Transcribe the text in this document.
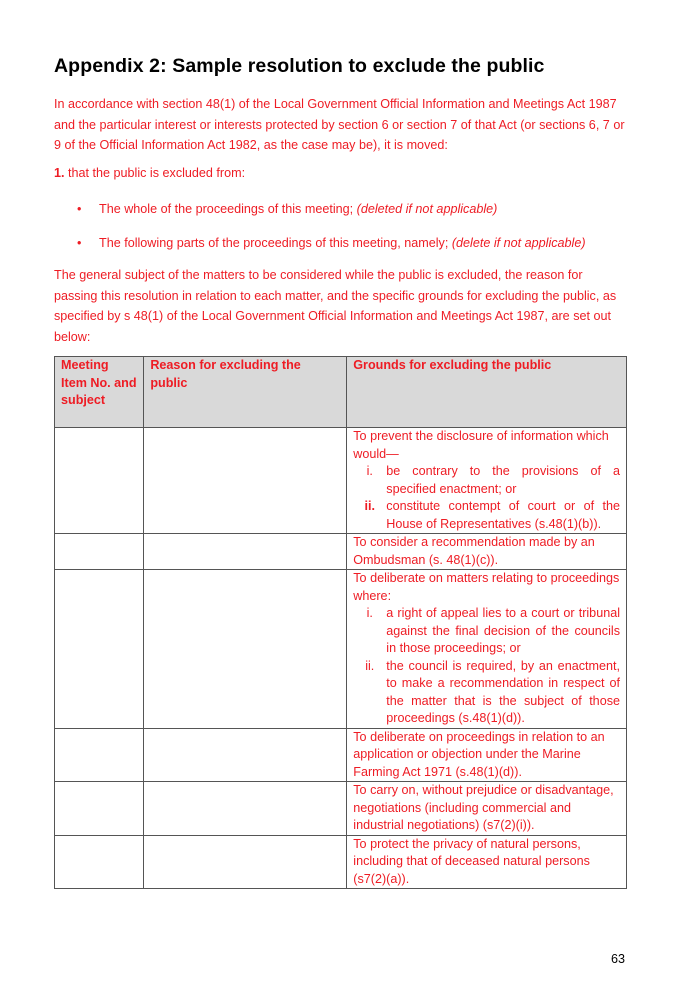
Appendix 2: Sample resolution to exclude the public

In accordance with section 48(1) of the Local Government Official Information and Meetings Act 1987 and the particular interest or interests protected by section 6 or section 7 of that Act (or sections 6, 7 or 9 of the Official Information Act 1982, as the case may be), it is moved:

1. that the public is excluded from:

• The whole of the proceedings of this meeting; (deleted if not applicable)
• The following parts of the proceedings of this meeting, namely; (delete if not applicable)

The general subject of the matters to be considered while the public is excluded, the reason for passing this resolution in relation to each matter, and the specific grounds for excluding the public, as specified by s 48(1) of the Local Government Official Information and Meetings Act 1987, are set out below:

Meeting Item No. and subject	Reason for excluding the public	Grounds for excluding the public

		To prevent the disclosure of information which would—
i. be contrary to the provisions of a specified enactment; or
ii. constitute contempt of court or of the House of Representatives (s.48(1)(b)).

		To consider a recommendation made by an Ombudsman (s. 48(1)(c)).

		To deliberate on matters relating to proceedings where:
i. a right of appeal lies to a court or tribunal against the final decision of the councils in those proceedings; or
ii. the council is required, by an enactment, to make a recommendation in respect of the matter that is the subject of those proceedings (s.48(1)(d)).

		To deliberate on proceedings in relation to an application or objection under the Marine Farming Act 1971 (s.48(1)(d)).

		To carry on, without prejudice or disadvantage, negotiations (including commercial and industrial negotiations) (s7(2)(i)).

		To protect the privacy of natural persons, including that of deceased natural persons (s7(2)(a)).
63
